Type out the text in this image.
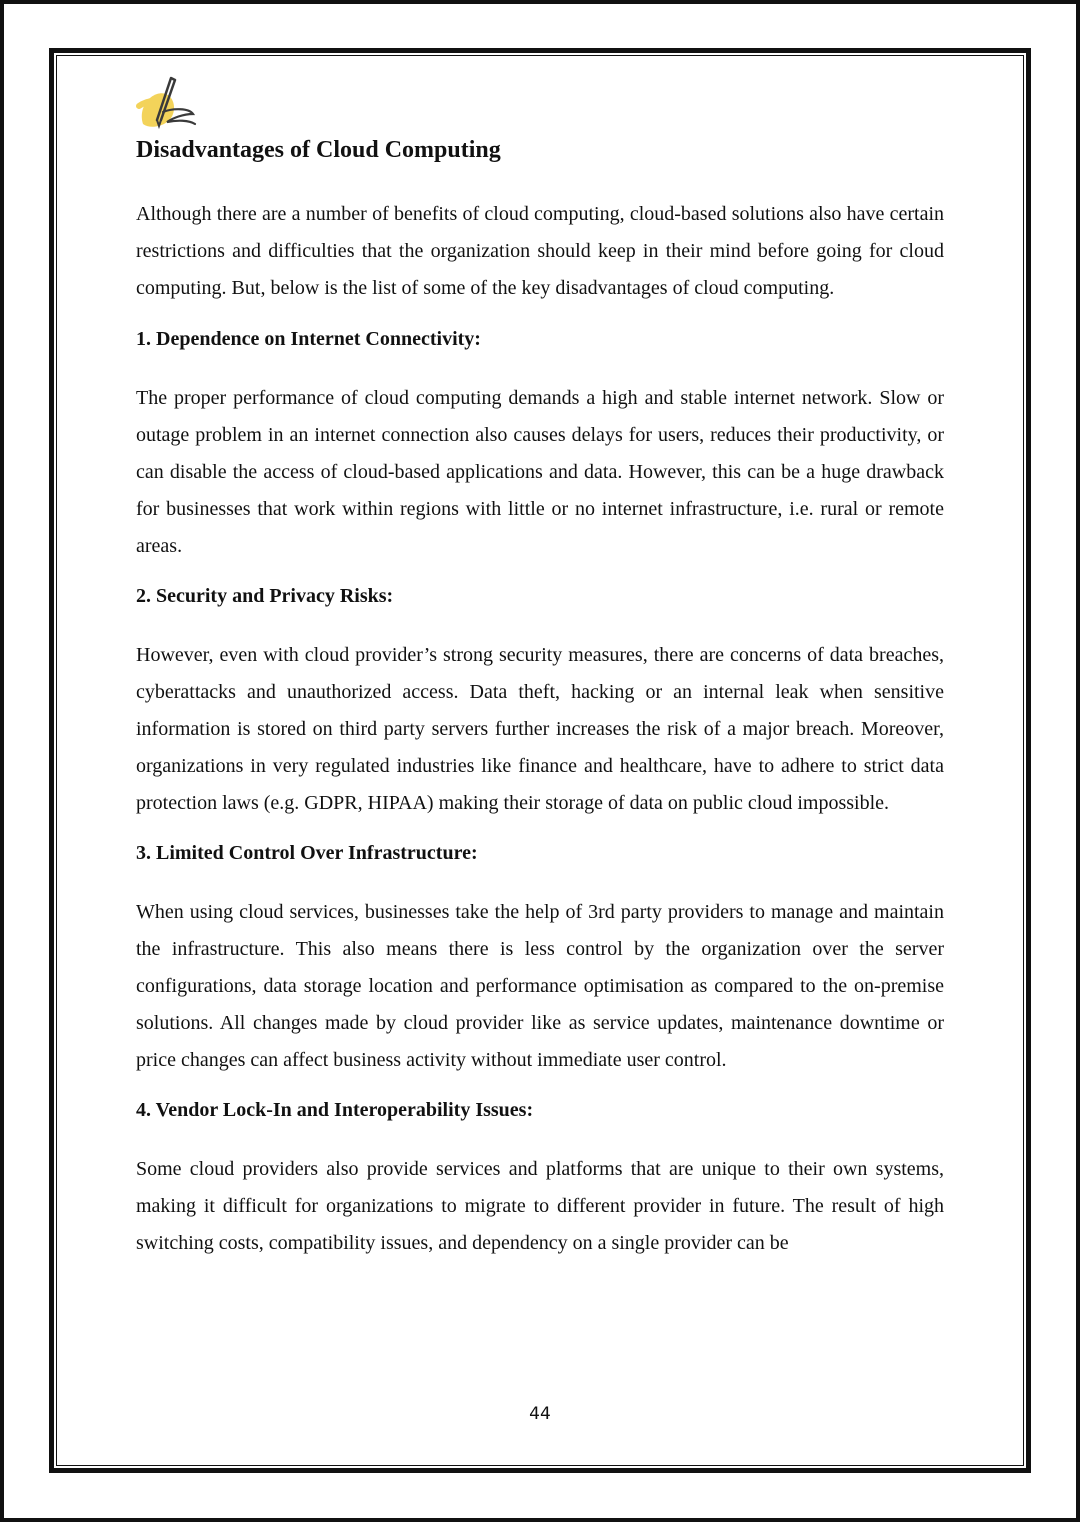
Disadvantages of Cloud Computing

Although there are a number of benefits of cloud computing, cloud-based solutions also have certain restrictions and difficulties that the organization should keep in their mind before going for cloud computing. But, below is the list of some of the key disadvantages of cloud computing.

1. Dependence on Internet Connectivity:

The proper performance of cloud computing demands a high and stable internet network. Slow or outage problem in an internet connection also causes delays for users, reduces their productivity, or can disable the access of cloud-based applications and data. However, this can be a huge drawback for businesses that work within regions with little or no internet infrastructure, i.e. rural or remote areas.

2. Security and Privacy Risks:

However, even with cloud provider’s strong security measures, there are concerns of data breaches, cyberattacks and unauthorized access. Data theft, hacking or an internal leak when sensitive information is stored on third party servers further increases the risk of a major breach. Moreover, organizations in very regulated industries like finance and healthcare, have to adhere to strict data protection laws (e.g. GDPR, HIPAA) making their storage of data on public cloud impossible.

3. Limited Control Over Infrastructure:

When using cloud services, businesses take the help of 3rd party providers to manage and maintain the infrastructure. This also means there is less control by the organization over the server configurations, data storage location and performance optimisation as compared to the on-premise solutions. All changes made by cloud provider like as service updates, maintenance downtime or price changes can affect business activity without immediate user control.

4. Vendor Lock-In and Interoperability Issues:

Some cloud providers also provide services and platforms that are unique to their own systems, making it difficult for organizations to migrate to different provider in future. The result of high switching costs, compatibility issues, and dependency on a single provider can be

44
